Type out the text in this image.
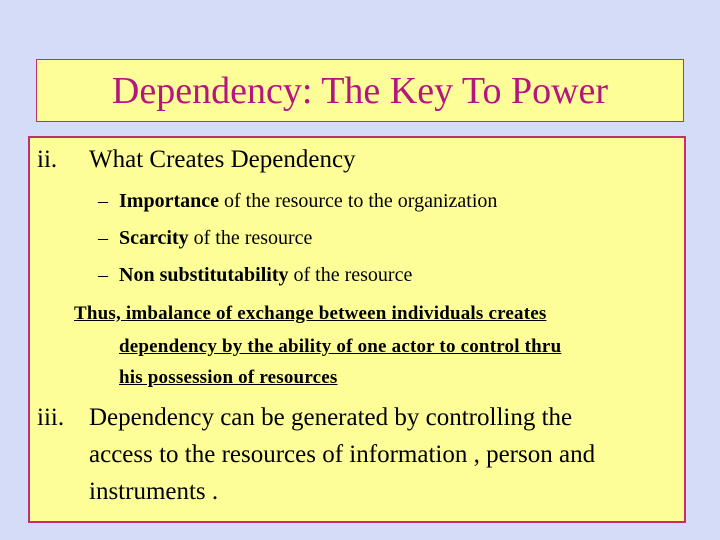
Dependency: The Key To Power
ii. What Creates Dependency
– Importance of the resource to the organization
– Scarcity of the resource
– Non substitutability of the resource
Thus, imbalance of exchange between individuals creates
dependency by the ability of one actor to control thru
his possession of resources
iii. Dependency can be generated by controlling the
access to the resources of information , person and
instruments .
